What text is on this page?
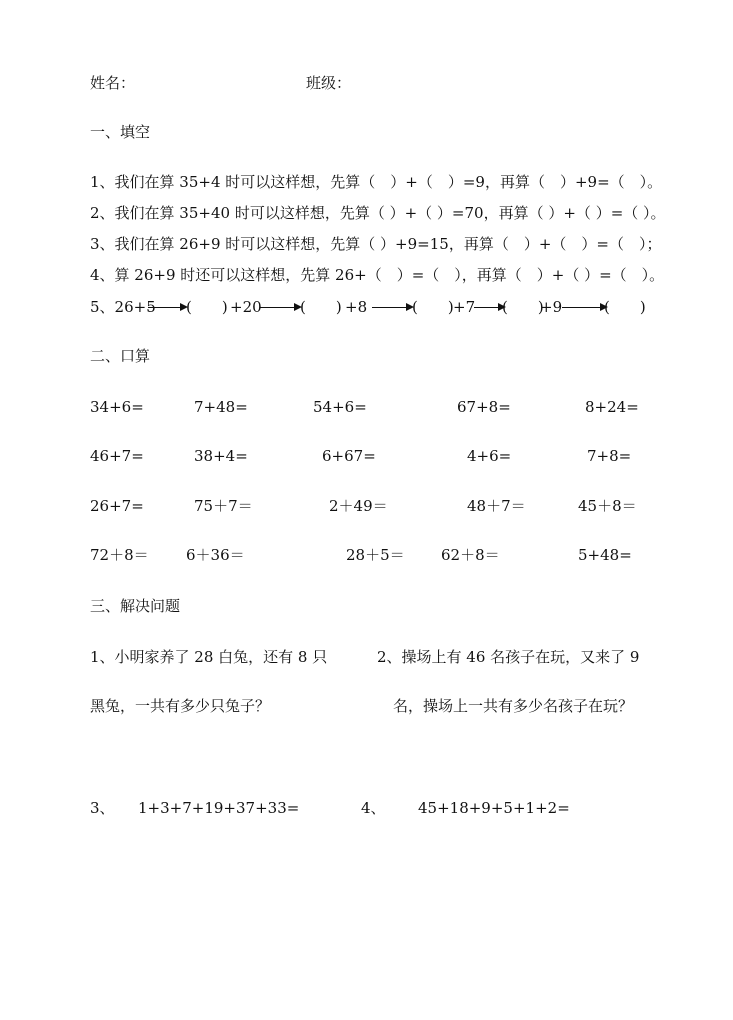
姓名：	班级：
一、填空
1、我们在算 35+4 时可以这样想，先算（　）+（　）=9，再算（　）+9=（　）。
2、我们在算 35+40 时可以这样想，先算（ ）+（ ）=70，再算（ ）+（ ）=（ ）。
3、我们在算 26+9 时可以这样想，先算（ ）+9=15，再算（　）+（　）=（　）；
4、算 26+9 时还可以这样想，先算 26+（　）=（　），再算（　）+（ ）=（　）。
5、26+5 (　　) +20	(　　) +8	(　　) +7 (　　)
+9	(　　)
二、口算
34+6=	7+48=	54+6=	67+8=	8+24=
46+7=	38+4=	6+67=	4+6=	7+8=
26+7=	75＋7＝	2＋49＝	48＋7＝	45＋8＝
72＋8＝ 6＋36＝	28＋5＝ 62＋8＝	5+48=
三、解决问题
1、小明家养了 28 白兔，还有 8 只	2、操场上有 46 名孩子在玩，又来了 9
黑兔，一共有多少只兔子？	名，操场上一共有多少名孩子在玩？
3、 1+3+7+19+37+33=	4、 45+18+9+5+1+2=
